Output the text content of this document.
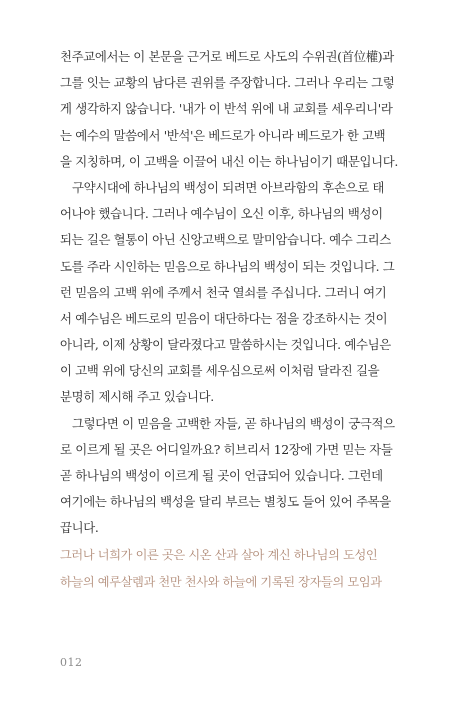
천주교에서는 이 본문을 근거로 베드로 사도의 수위권(首位權)과
그를 잇는 교황의 남다른 권위를 주장합니다. 그러나 우리는 그렇
게 생각하지 않습니다. '내가 이 반석 위에 내 교회를 세우리니'라
는 예수의 말씀에서 '반석'은 베드로가 아니라 베드로가 한 고백
을 지칭하며, 이 고백을 이끌어 내신 이는 하나님이기 때문입니다.
구약시대에 하나님의 백성이 되려면 아브라함의 후손으로 태
어나야 했습니다. 그러나 예수님이 오신 이후, 하나님의 백성이
되는 길은 혈통이 아닌 신앙고백으로 말미암습니다. 예수 그리스
도를 주라 시인하는 믿음으로 하나님의 백성이 되는 것입니다. 그
런 믿음의 고백 위에 주께서 천국 열쇠를 주십니다. 그러니 여기
서 예수님은 베드로의 믿음이 대단하다는 점을 강조하시는 것이
아니라, 이제 상황이 달라졌다고 말씀하시는 것입니다. 예수님은
이 고백 위에 당신의 교회를 세우심으로써 이처럼 달라진 길을
분명히 제시해 주고 있습니다.
그렇다면 이 믿음을 고백한 자들, 곧 하나님의 백성이 궁극적으
로 이르게 될 곳은 어디일까요? 히브리서 12장에 가면 믿는 자들
곧 하나님의 백성이 이르게 될 곳이 언급되어 있습니다. 그런데
여기에는 하나님의 백성을 달리 부르는 별칭도 들어 있어 주목을
끕니다.
그러나 너희가 이른 곳은 시온 산과 살아 계신 하나님의 도성인
하늘의 예루살렘과 천만 천사와 하늘에 기록된 장자들의 모임과
012
